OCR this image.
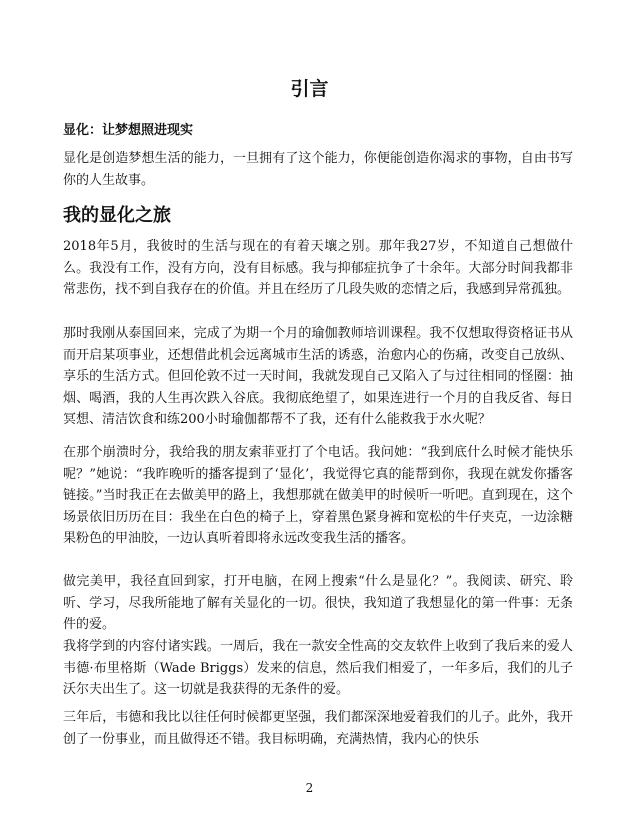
引言

显化：让梦想照进现实

显化是创造梦想生活的能力，一旦拥有了这个能力，你便能创造你渴求的事物，自由书写你的人生故事。

我的显化之旅

2018年5月，我彼时的生活与现在的有着天壤之别。那年我27岁，不知道自己想做什么。我没有工作，没有方向，没有目标感。我与抑郁症抗争了十余年。大部分时间我都非常悲伤，找不到自我存在的价值。并且在经历了几段失败的恋情之后，我感到异常孤独。

那时我刚从泰国回来，完成了为期一个月的瑜伽教师培训课程。我不仅想取得资格证书从而开启某项事业，还想借此机会远离城市生活的诱惑，治愈内心的伤痛，改变自己放纵、享乐的生活方式。但回伦敦不过一天时间，我就发现自己又陷入了与过往相同的怪圈：抽烟、喝酒，我的人生再次跌入谷底。我彻底绝望了，如果连进行一个月的自我反省、每日冥想、清洁饮食和练200小时瑜伽都帮不了我，还有什么能救我于水火呢？

在那个崩溃时分，我给我的朋友索菲亚打了个电话。我问她：“我到底什么时候才能快乐呢？”她说：“我昨晚听的播客提到了‘显化’，我觉得它真的能帮到你，我现在就发你播客链接。”当时我正在去做美甲的路上，我想那就在做美甲的时候听一听吧。直到现在，这个场景依旧历历在目：我坐在白色的椅子上，穿着黑色紧身裤和宽松的牛仔夹克，一边涂糖果粉色的甲油胶，一边认真听着即将永远改变我生活的播客。

做完美甲，我径直回到家，打开电脑，在网上搜索“什么是显化？”。我阅读、研究、聆听、学习，尽我所能地了解有关显化的一切。很快，我知道了我想显化的第一件事：无条件的爱。

我将学到的内容付诸实践。一周后，我在一款安全性高的交友软件上收到了我后来的爱人韦德·布里格斯（Wade Briggs）发来的信息，然后我们相爱了，一年多后，我们的儿子沃尔夫出生了。这一切就是我获得的无条件的爱。

三年后，韦德和我比以往任何时候都更坚强，我们都深深地爱着我们的儿子。此外，我开创了一份事业，而且做得还不错。我目标明确，充满热情，我内心的快乐

2
